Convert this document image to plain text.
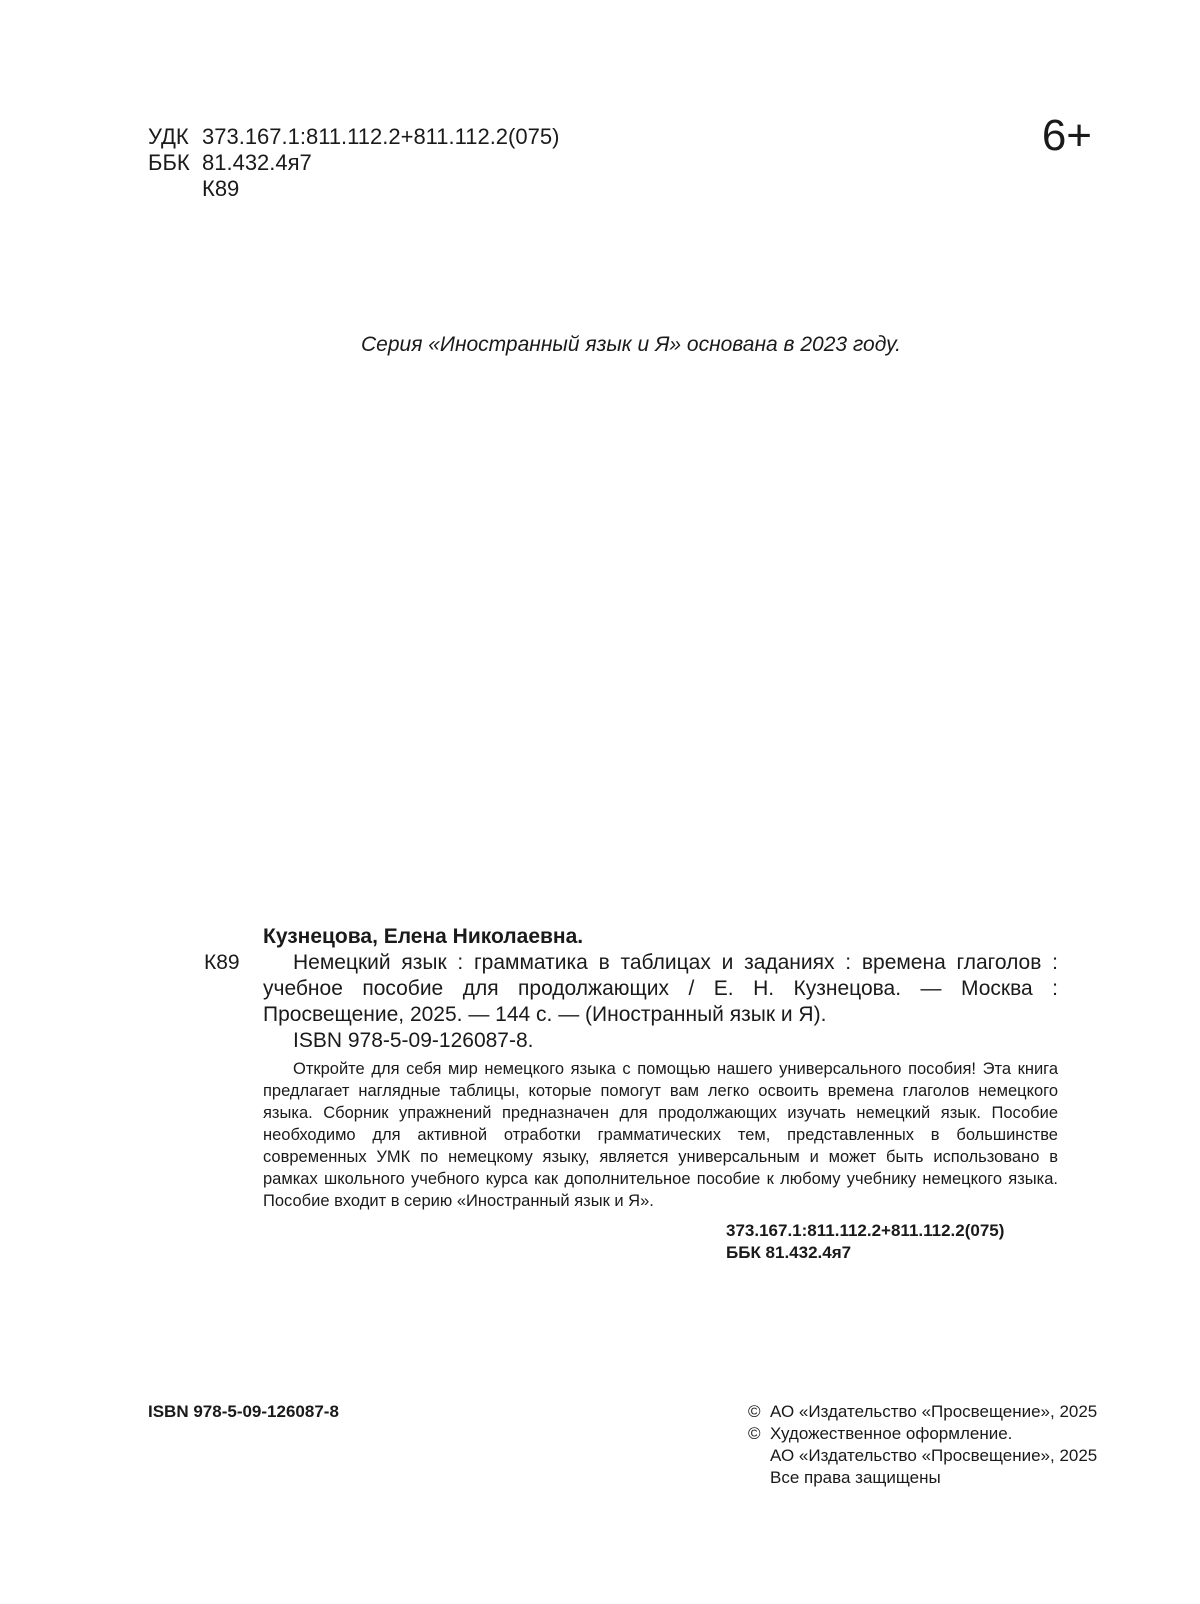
УДК 373.167.1:811.112.2+811.112.2(075)
ББК 81.432.4я7
К89
6+
Серия «Иностранный язык и Я» основана в 2023 году.
К89
Кузнецова, Елена Николаевна.

Немецкий язык : грамматика в таблицах и заданиях : времена глаголов : учебное пособие для продолжающих / Е. Н. Кузнецова. — Москва : Просвещение, 2025. — 144 с. — (Иностранный язык и Я).

ISBN 978-5-09-126087-8.

Откройте для себя мир немецкого языка с помощью нашего универсального пособия! Эта книга предлагает наглядные таблицы, которые помогут вам легко освоить времена глаголов немецкого языка. Сборник упражнений предназначен для продолжающих изучать немецкий язык. Пособие необходимо для активной отработки грамматических тем, представленных в большинстве современных УМК по немецкому языку, является универсальным и может быть использовано в рамках школьного учебного курса как дополнительное пособие к любому учебнику немецкого языка. Пособие входит в серию «Иностранный язык и Я».

373.167.1:811.112.2+811.112.2(075)
ББК 81.432.4я7
ISBN 978-5-09-126087-8	© АО «Издательство «Просвещение», 2025
© Художественное оформление.
АО «Издательство «Просвещение», 2025
Все права защищены
